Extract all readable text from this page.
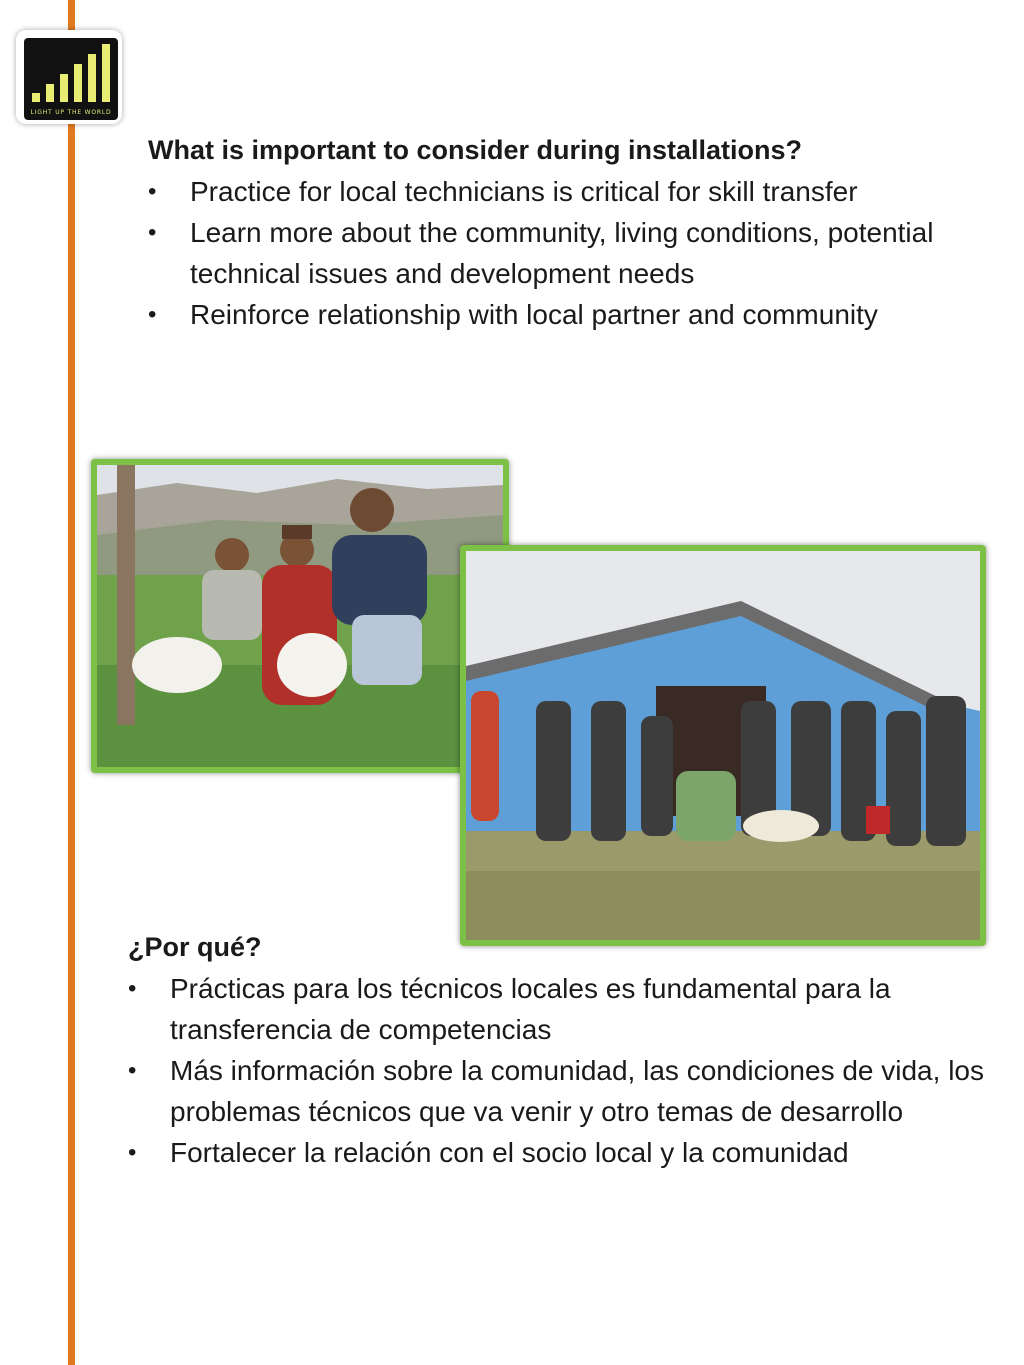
LIGHT UP THE WORLD
What is important to consider during installations?
• Practice for local technicians is critical for skill transfer
• Learn more about the community, living conditions, potential technical issues and development needs
• Reinforce relationship with local partner and community
¿Por qué?
• Prácticas para los técnicos locales es fundamental para la transferencia de competencias
• Más información sobre la comunidad, las condiciones de vida, los problemas técnicos que va venir y otro temas de desarrollo
• Fortalecer la relación con el socio local y la comunidad
